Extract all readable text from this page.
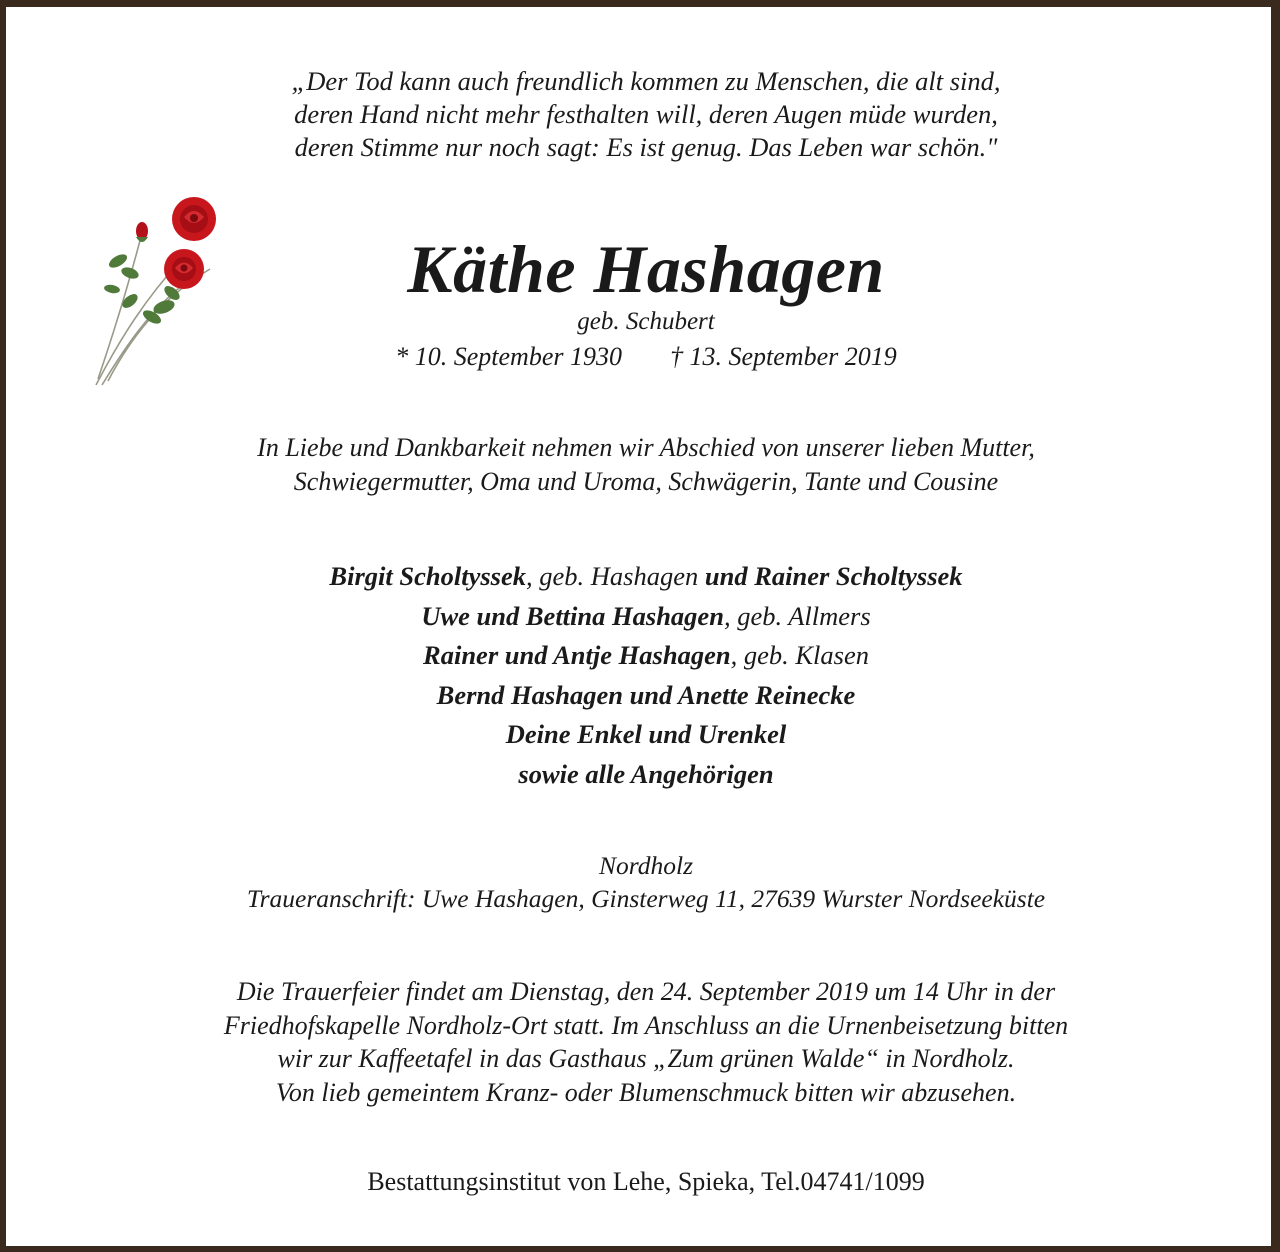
„Der Tod kann auch freundlich kommen zu Menschen, die alt sind,
deren Hand nicht mehr festhalten will, deren Augen müde wurden,
deren Stimme nur noch sagt: Es ist genug. Das Leben war schön."
Käthe Hashagen
geb. Schubert
* 10. September 1930 † 13. September 2019
In Liebe und Dankbarkeit nehmen wir Abschied von unserer lieben Mutter,
Schwiegermutter, Oma und Uroma, Schwägerin, Tante und Cousine
Birgit Scholtyssek, geb. Hashagen und Rainer Scholtyssek
Uwe und Bettina Hashagen, geb. Allmers
Rainer und Antje Hashagen, geb. Klasen
Bernd Hashagen und Anette Reinecke
Deine Enkel und Urenkel
sowie alle Angehörigen
Nordholz
Traueranschrift: Uwe Hashagen, Ginsterweg 11, 27639 Wurster Nordseeküste
Die Trauerfeier findet am Dienstag, den 24. September 2019 um 14 Uhr in der
Friedhofskapelle Nordholz-Ort statt. Im Anschluss an die Urnenbeisetzung bitten
wir zur Kaffeetafel in das Gasthaus „Zum grünen Walde“ in Nordholz.
Von lieb gemeintem Kranz- oder Blumenschmuck bitten wir abzusehen.
Bestattungsinstitut von Lehe, Spieka, Tel.04741/1099
